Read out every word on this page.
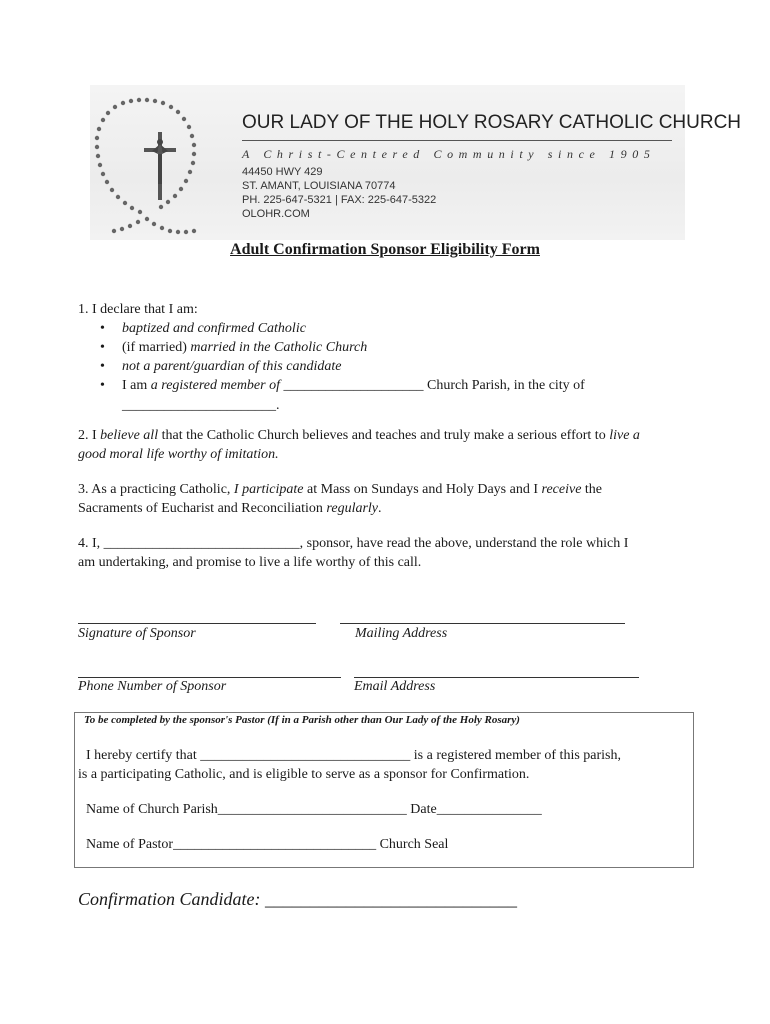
OUR LADY OF THE HOLY ROSARY CATHOLIC CHURCH
A Christ-Centered Community since 1905
44450 HWY 429
ST. AMANT, LOUISIANA 70774
PH. 225-647-5321 | FAX: 225-647-5322
OLOHR.COM
Adult Confirmation Sponsor Eligibility Form
1. I declare that I am:
• baptized and confirmed Catholic
• (if married) married in the Catholic Church
• not a parent/guardian of this candidate
• I am a registered member of ____________________ Church Parish, in the city of
______________________.
2. I believe all that the Catholic Church believes and teaches and truly make a serious effort to live a
good moral life worthy of imitation.
3. As a practicing Catholic, I participate at Mass on Sundays and Holy Days and I receive the
Sacraments of Eucharist and Reconciliation regularly.
4. I, ____________________________, sponsor, have read the above, understand the role which I
am undertaking, and promise to live a life worthy of this call.
Signature of Sponsor	Mailing Address
Phone Number of Sponsor	Email Address
To be completed by the sponsor's Pastor (If in a Parish other than Our Lady of the Holy Rosary)
I hereby certify that ______________________________ is a registered member of this parish,
is a participating Catholic, and is eligible to serve as a sponsor for Confirmation.
Name of Church Parish___________________________ Date_______________
Name of Pastor_____________________________ Church Seal
Confirmation Candidate: ____________________________
